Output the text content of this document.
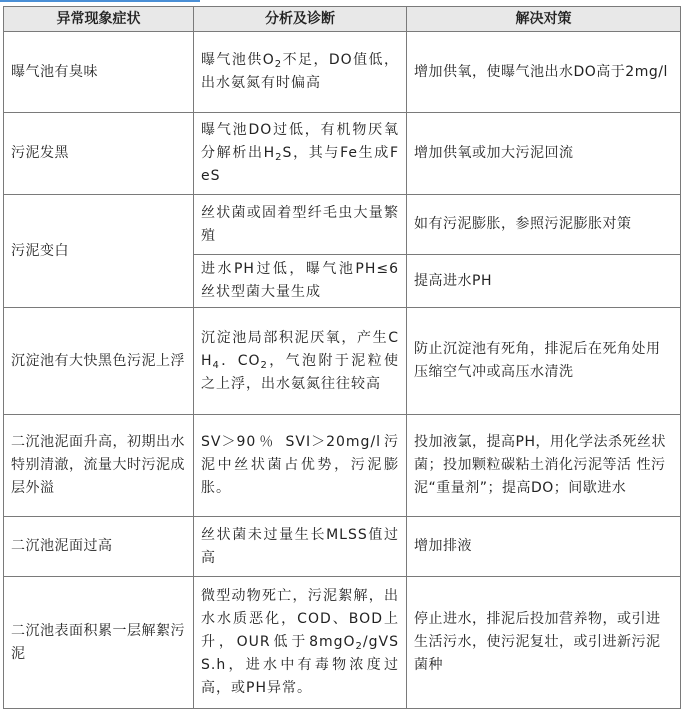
异常现象症状	分析及诊断	解决对策
曝气池有臭味	曝气池供$O_2$不足，DO值低，出水氨氮有时偏高	增加供氧，使曝气池出水DO高于2mg/l
污泥发黑	曝气池DO过低，有机物厌氧分解析出$H_2S$，其与Fe生成FeS	增加供氧或加大污泥回流
污泥变白	丝状菌或固着型纤毛虫大量繁殖	如有污泥膨胀，参照污泥膨胀对策
	进水PH过低，曝气池PH≤6丝状型菌大量生成	提高进水PH
沉淀池有大快黑色污泥上浮	沉淀池局部积泥厌氧，产生$CH_4$．$CO_2$，气泡附于泥粒使之上浮，出水氨氮往往较高	防止沉淀池有死角，排泥后在死角处用压缩空气冲或高压水清洗
二沉池泥面升高，初期出水特别清澈，流量大时污泥成层外溢	SV＞90％ SVI＞20mg/l污泥中丝状菌占优势，污泥膨胀。	投加液氯，提高PH，用化学法杀死丝状菌；投加颗粒碳粘土消化污泥等活 性污泥“重量剂”；提高DO；间歇进水
二沉池泥面过高	丝状菌未过量生长MLSS值过高	增加排液
二沉池表面积累一层解絮污泥	微型动物死亡，污泥絮解，出水水质恶化，COD、BOD上升，OUR低于8mgO$_2$/gVSS.h，进水中有毒物浓度过高，或PH异常。	停止进水，排泥后投加营养物，或引进生活污水，使污泥复壮，或引进新污泥菌种
